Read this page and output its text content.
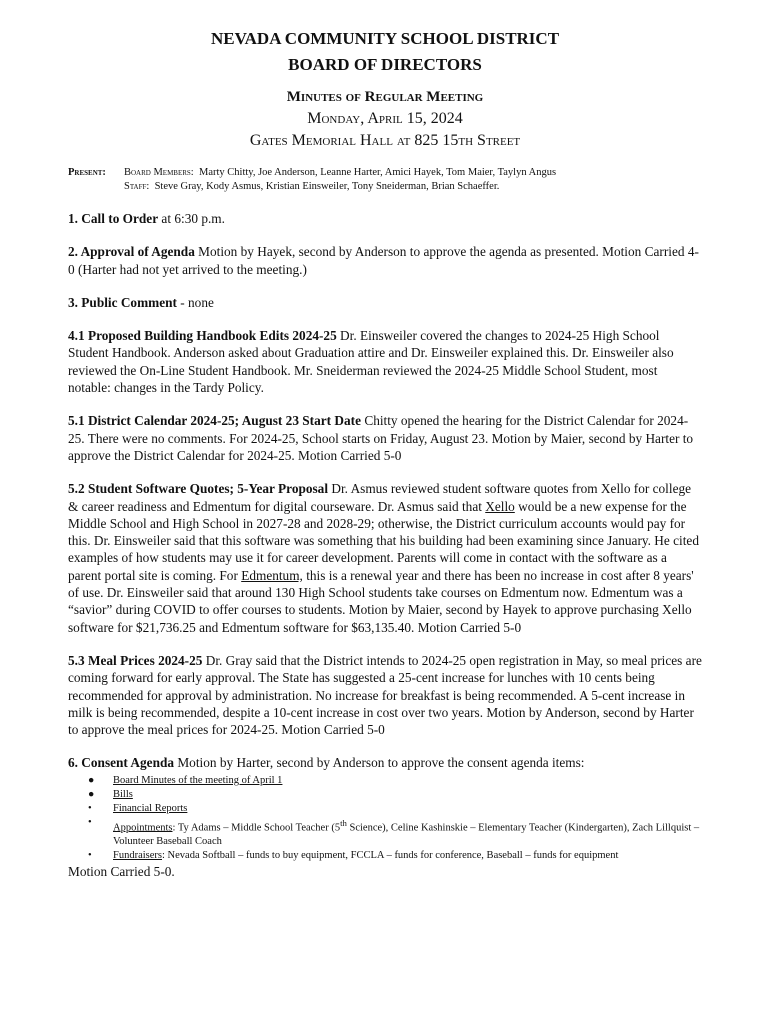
NEVADA COMMUNITY SCHOOL DISTRICT
BOARD OF DIRECTORS
Minutes of Regular Meeting
Monday, April 15, 2024
Gates Memorial Hall at 825 15th Street
Present:	Board Members: Marty Chitty, Joe Anderson, Leanne Harter, Amici Hayek, Tom Maier, Taylyn Angus
Staff: Steve Gray, Kody Asmus, Kristian Einsweiler, Tony Sneiderman, Brian Schaeffer.

1. Call to Order at 6:30 p.m.

2. Approval of Agenda Motion by Hayek, second by Anderson to approve the agenda as presented. Motion Carried 4-0 (Harter had not yet arrived to the meeting.)

3. Public Comment - none

4.1 Proposed Building Handbook Edits 2024-25 Dr. Einsweiler covered the changes to 2024-25 High School Student Handbook. Anderson asked about Graduation attire and Dr. Einsweiler explained this. Dr. Einsweiler also reviewed the On-Line Student Handbook. Mr. Sneiderman reviewed the 2024-25 Middle School Student, most notable: changes in the Tardy Policy.

5.1 District Calendar 2024-25; August 23 Start Date Chitty opened the hearing for the District Calendar for 2024-25. There were no comments. For 2024-25, School starts on Friday, August 23. Motion by Maier, second by Harter to approve the District Calendar for 2024-25. Motion Carried 5-0

5.2 Student Software Quotes; 5-Year Proposal Dr. Asmus reviewed student software quotes from Xello for college & career readiness and Edmentum for digital courseware. Dr. Asmus said that Xello would be a new expense for the Middle School and High School in 2027-28 and 2028-29; otherwise, the District curriculum accounts would pay for this. Dr. Einsweiler said that this software was something that his building had been examining since January. He cited examples of how students may use it for career development. Parents will come in contact with the software as a parent portal site is coming. For Edmentum, this is a renewal year and there has been no increase in cost after 8 years' of use. Dr. Einsweiler said that around 130 High School students take courses on Edmentum now. Edmentum was a “savior” during COVID to offer courses to students. Motion by Maier, second by Hayek to approve purchasing Xello software for $21,736.25 and Edmentum software for $63,135.40. Motion Carried 5-0

5.3 Meal Prices 2024-25 Dr. Gray said that the District intends to 2024-25 open registration in May, so meal prices are coming forward for early approval. The State has suggested a 25-cent increase for lunches with 10 cents being recommended for approval by administration. No increase for breakfast is being recommended. A 5-cent increase in milk is being recommended, despite a 10-cent increase in cost over two years. Motion by Anderson, second by Harter to approve the meal prices for 2024-25. Motion Carried 5-0

6. Consent Agenda Motion by Harter, second by Anderson to approve the consent agenda items:
● Board Minutes of the meeting of April 1
● Bills
• Financial Reports
• Appointments: Ty Adams – Middle School Teacher (5th Science), Celine Kashinskie – Elementary Teacher (Kindergarten), Zach Lillquist – Volunteer Baseball Coach
• Fundraisers: Nevada Softball – funds to buy equipment, FCCLA – funds for conference, Baseball – funds for equipment
Motion Carried 5-0.
